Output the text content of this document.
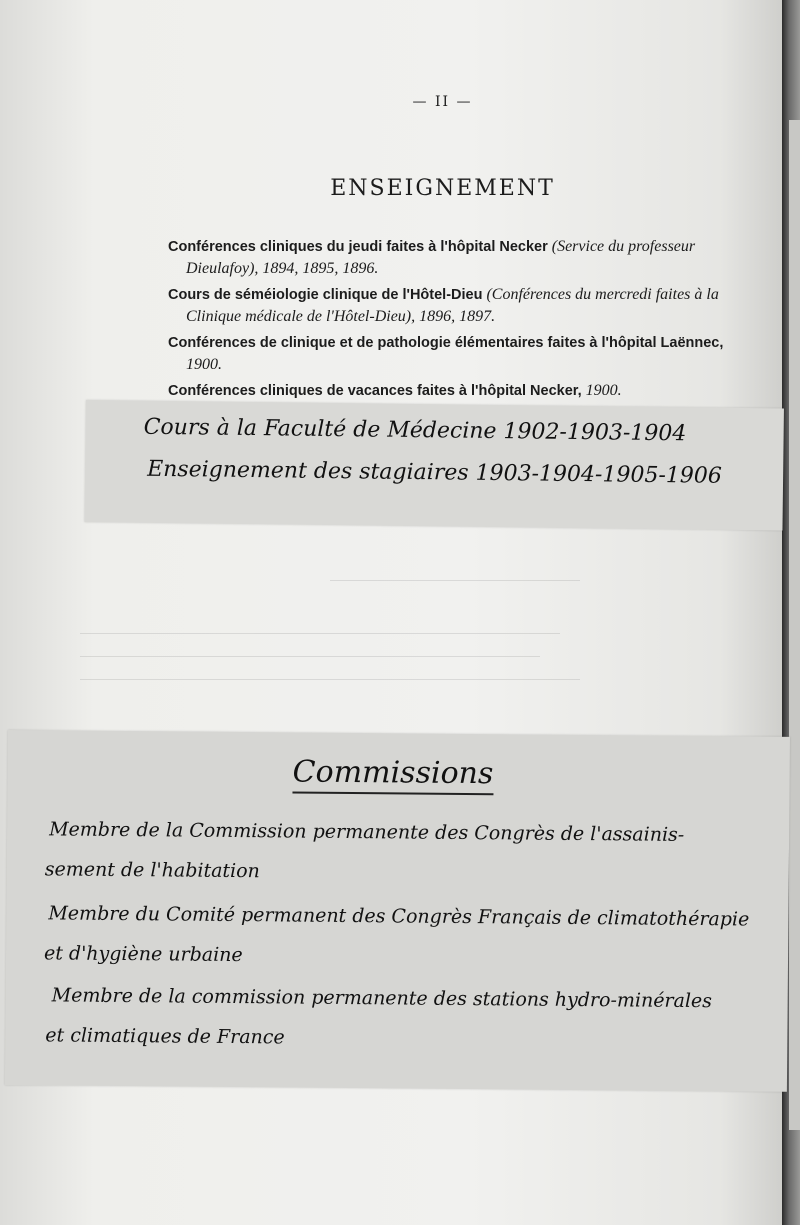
— II —
ENSEIGNEMENT

Conférences cliniques du jeudi faites à l'hôpital Necker (Service du professeur Dieulafoy), 1894, 1895, 1896.

Cours de séméiologie clinique de l'Hôtel-Dieu (Conférences du mercredi faites à la Clinique médicale de l'Hôtel-Dieu), 1896, 1897.

Conférences de clinique et de pathologie élémentaires faites à l'hôpital Laënnec, 1900.

Conférences cliniques de vacances faites à l'hôpital Necker, 1900.

Cours à la Faculté de Médecine 1902-1903-1904
Enseignement des stagiaires 1903-1904-1905-1906
Commissions
Membre de la Commission permanente des Congrès de l'assainis-
sement de l'habitation
Membre du Comité permanent des Congrès Français de climatothérapie
et d'hygiène urbaine
Membre de la commission permanente des stations hydro-minérales
et climatiques de France
